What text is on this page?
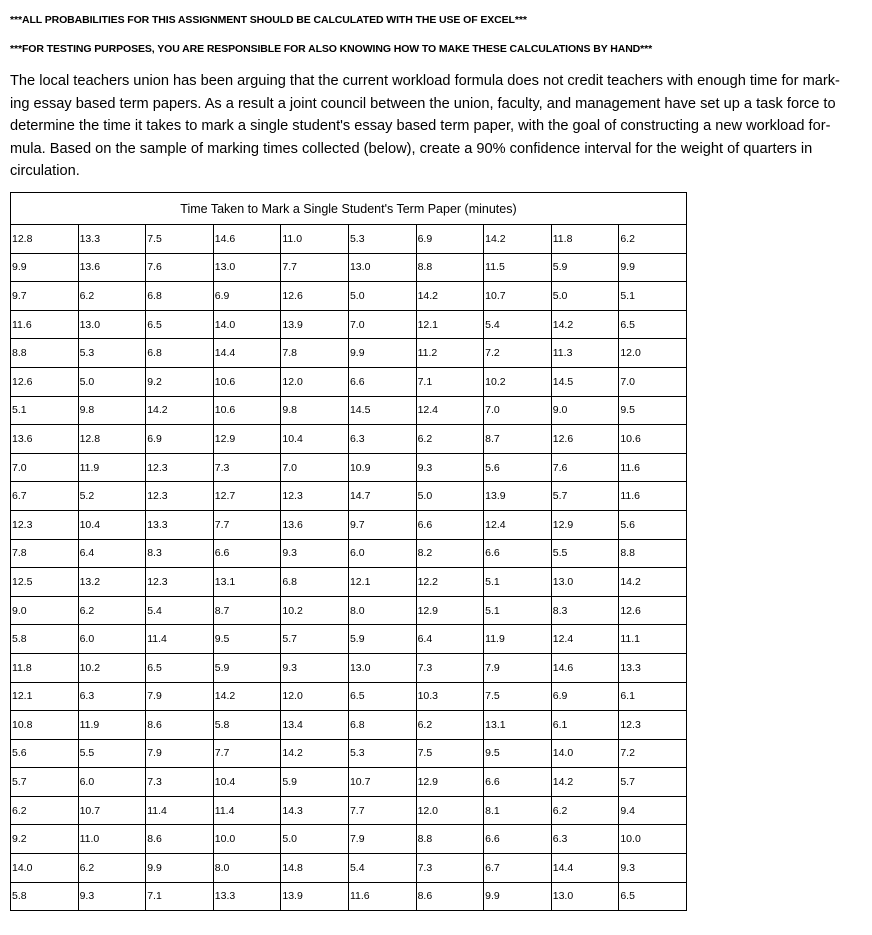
***ALL PROBABILITIES FOR THIS ASSIGNMENT SHOULD BE CALCULATED WITH THE USE OF EXCEL***
***FOR TESTING PURPOSES, YOU ARE RESPONSIBLE FOR ALSO KNOWING HOW TO MAKE THESE CALCULATIONS BY HAND***
The local teachers union has been arguing that the current workload formula does not credit teachers with enough time for mark-
ing essay based term papers. As a result a joint council between the union, faculty, and management have set up a task force to
determine the time it takes to mark a single student's essay based term paper, with the goal of constructing a new workload for-
mula. Based on the sample of marking times collected (below), create a 90% confidence interval for the weight of quarters in
circulation.
Time Taken to Mark a Single Student's Term Paper (minutes)									
12.8	13.3	7.5	14.6	11.0	5.3	6.9	14.2	11.8	6.2
9.9	13.6	7.6	13.0	7.7	13.0	8.8	11.5	5.9	9.9
9.7	6.2	6.8	6.9	12.6	5.0	14.2	10.7	5.0	5.1
11.6	13.0	6.5	14.0	13.9	7.0	12.1	5.4	14.2	6.5
8.8	5.3	6.8	14.4	7.8	9.9	11.2	7.2	11.3	12.0
12.6	5.0	9.2	10.6	12.0	6.6	7.1	10.2	14.5	7.0
5.1	9.8	14.2	10.6	9.8	14.5	12.4	7.0	9.0	9.5
13.6	12.8	6.9	12.9	10.4	6.3	6.2	8.7	12.6	10.6
7.0	11.9	12.3	7.3	7.0	10.9	9.3	5.6	7.6	11.6
6.7	5.2	12.3	12.7	12.3	14.7	5.0	13.9	5.7	11.6
12.3	10.4	13.3	7.7	13.6	9.7	6.6	12.4	12.9	5.6
7.8	6.4	8.3	6.6	9.3	6.0	8.2	6.6	5.5	8.8
12.5	13.2	12.3	13.1	6.8	12.1	12.2	5.1	13.0	14.2
9.0	6.2	5.4	8.7	10.2	8.0	12.9	5.1	8.3	12.6
5.8	6.0	11.4	9.5	5.7	5.9	6.4	11.9	12.4	11.1
11.8	10.2	6.5	5.9	9.3	13.0	7.3	7.9	14.6	13.3
12.1	6.3	7.9	14.2	12.0	6.5	10.3	7.5	6.9	6.1
10.8	11.9	8.6	5.8	13.4	6.8	6.2	13.1	6.1	12.3
5.6	5.5	7.9	7.7	14.2	5.3	7.5	9.5	14.0	7.2
5.7	6.0	7.3	10.4	5.9	10.7	12.9	6.6	14.2	5.7
6.2	10.7	11.4	11.4	14.3	7.7	12.0	8.1	6.2	9.4
9.2	11.0	8.6	10.0	5.0	7.9	8.8	6.6	6.3	10.0
14.0	6.2	9.9	8.0	14.8	5.4	7.3	6.7	14.4	9.3
5.8	9.3	7.1	13.3	13.9	11.6	8.6	9.9	13.0	6.5
